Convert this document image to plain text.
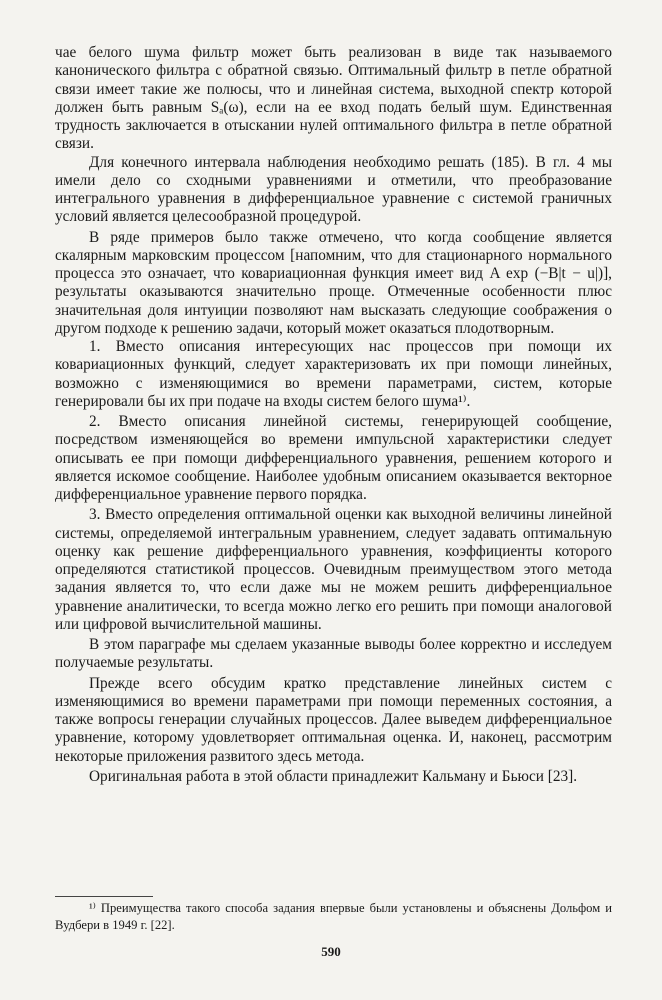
чае белого шума фильтр может быть реализован в виде так называемого канонического фильтра с обратной связью. Оптимальный фильтр в петле обратной связи имеет такие же полюсы, что и линейная система, выходной спектр которой должен быть равным Sₐ(ω), если на ее вход подать белый шум. Единственная трудность заключается в отыскании нулей оптимального фильтра в петле обратной связи.

Для конечного интервала наблюдения необходимо решать (185). В гл. 4 мы имели дело со сходными уравнениями и отметили, что преобразование интегрального уравнения в дифференциальное уравнение с системой граничных условий является целесообразной процедурой.

В ряде примеров было также отмечено, что когда сообщение является скалярным марковским процессом [напомним, что для стационарного нормального процесса это означает, что ковариационная функция имеет вид A exp (−B|t − u|)], результаты оказываются значительно проще. Отмеченные особенности плюс значительная доля интуиции позволяют нам высказать следующие соображения о другом подходе к решению задачи, который может оказаться плодотворным.

1. Вместо описания интересующих нас процессов при помощи их ковариационных функций, следует характеризовать их при помощи линейных, возможно с изменяющимися во времени параметрами, систем, которые генерировали бы их при подаче на входы систем белого шума¹⁾.

2. Вместо описания линейной системы, генерирующей сообщение, посредством изменяющейся во времени импульсной характеристики следует описывать ее при помощи дифференциального уравнения, решением которого и является искомое сообщение. Наиболее удобным описанием оказывается векторное дифференциальное уравнение первого порядка.

3. Вместо определения оптимальной оценки как выходной величины линейной системы, определяемой интегральным уравнением, следует задавать оптимальную оценку как решение дифференциального уравнения, коэффициенты которого определяются статистикой процессов. Очевидным преимуществом этого метода задания является то, что если даже мы не можем решить дифференциальное уравнение аналитически, то всегда можно легко его решить при помощи аналоговой или цифровой вычислительной машины.

В этом параграфе мы сделаем указанные выводы более корректно и исследуем получаемые результаты.

Прежде всего обсудим кратко представление линейных систем с изменяющимися во времени параметрами при помощи переменных состояния, а также вопросы генерации случайных процессов. Далее выведем дифференциальное уравнение, которому удовлетворяет оптимальная оценка. И, наконец, рассмотрим некоторые приложения развитого здесь метода.

Оригинальная работа в этой области принадлежит Кальману и Бьюси [23].

¹⁾ Преимущества такого способа задания впервые были установлены и объяснены Дольфом и Вудбери в 1949 г. [22].
590
